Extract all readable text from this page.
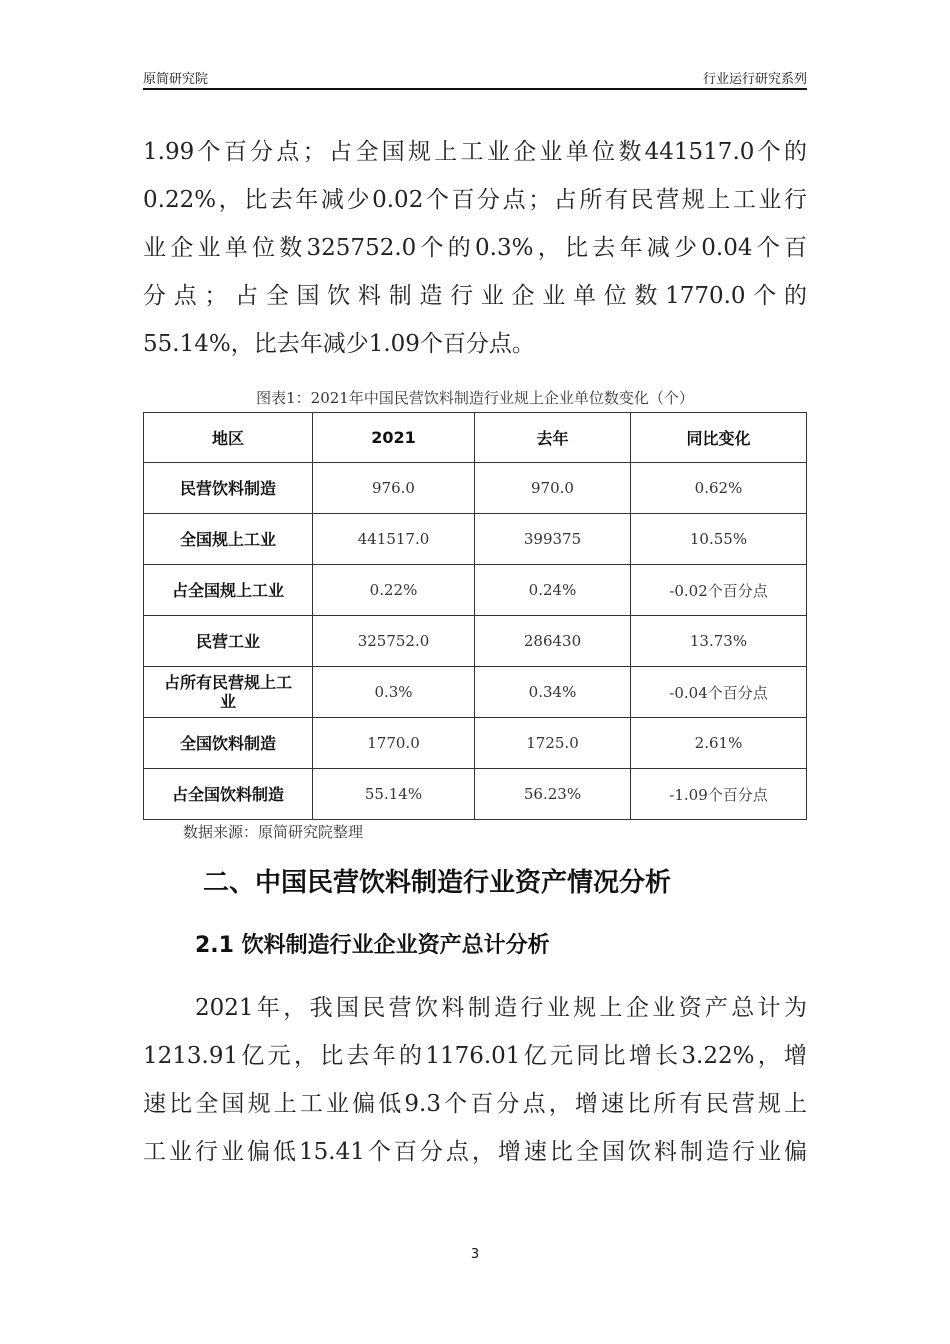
原简研究院	行业运行研究系列
1.99个百分点；占全国规上工业企业单位数441517.0个的
0.22%，比去年减少0.02个百分点；占所有民营规上工业行
业企业单位数325752.0个的0.3%，比去年减少0.04个百
分点；占全国饮料制造行业企业单位数1770.0个的
55.14%，比去年减少1.09个百分点。
图表1：2021年中国民营饮料制造行业规上企业单位数变化（个）
地区	2021	去年	同比变化
民营饮料制造	976.0	970.0	0.62%
全国规上工业	441517.0	399375	10.55%
占全国规上工业	0.22%	0.24%	-0.02个百分点
民营工业	325752.0	286430	13.73%
占所有民营规上工业	0.3%	0.34%	-0.04个百分点
全国饮料制造	1770.0	1725.0	2.61%
占全国饮料制造	55.14%	56.23%	-1.09个百分点
数据来源：原简研究院整理
二、中国民营饮料制造行业资产情况分析
2.1 饮料制造行业企业资产总计分析
2021年，我国民营饮料制造行业规上企业资产总计为
1213.91亿元，比去年的1176.01亿元同比增长3.22%，增
速比全国规上工业偏低9.3个百分点，增速比所有民营规上
工业行业偏低15.41个百分点，增速比全国饮料制造行业偏
3
